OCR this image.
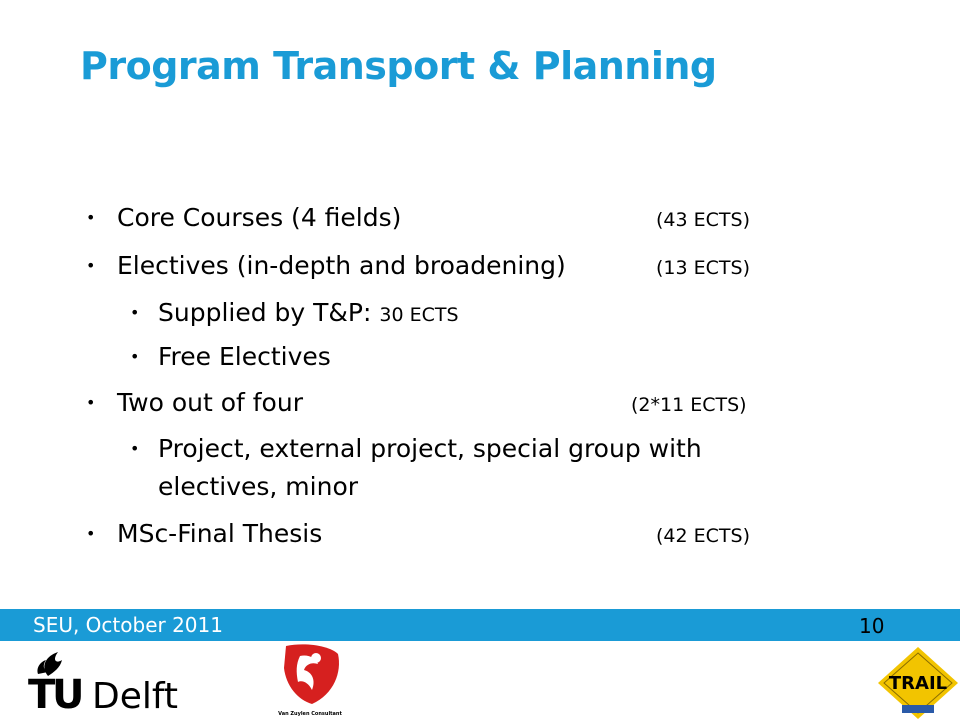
Program Transport & Planning
• Core Courses (4 fields)	(43 ECTS)
• Electives (in-depth and broadening)	(13 ECTS)
• Supplied by T&P: 30 ECTS
• Free Electives
• Two out of four	(2*11 ECTS)
• Project, external project, special group with
electives, minor
• MSc-Final Thesis	(42 ECTS)
SEU, October 2011	10
T
U Delft	Van Zuylen Consultant
TRAIL
